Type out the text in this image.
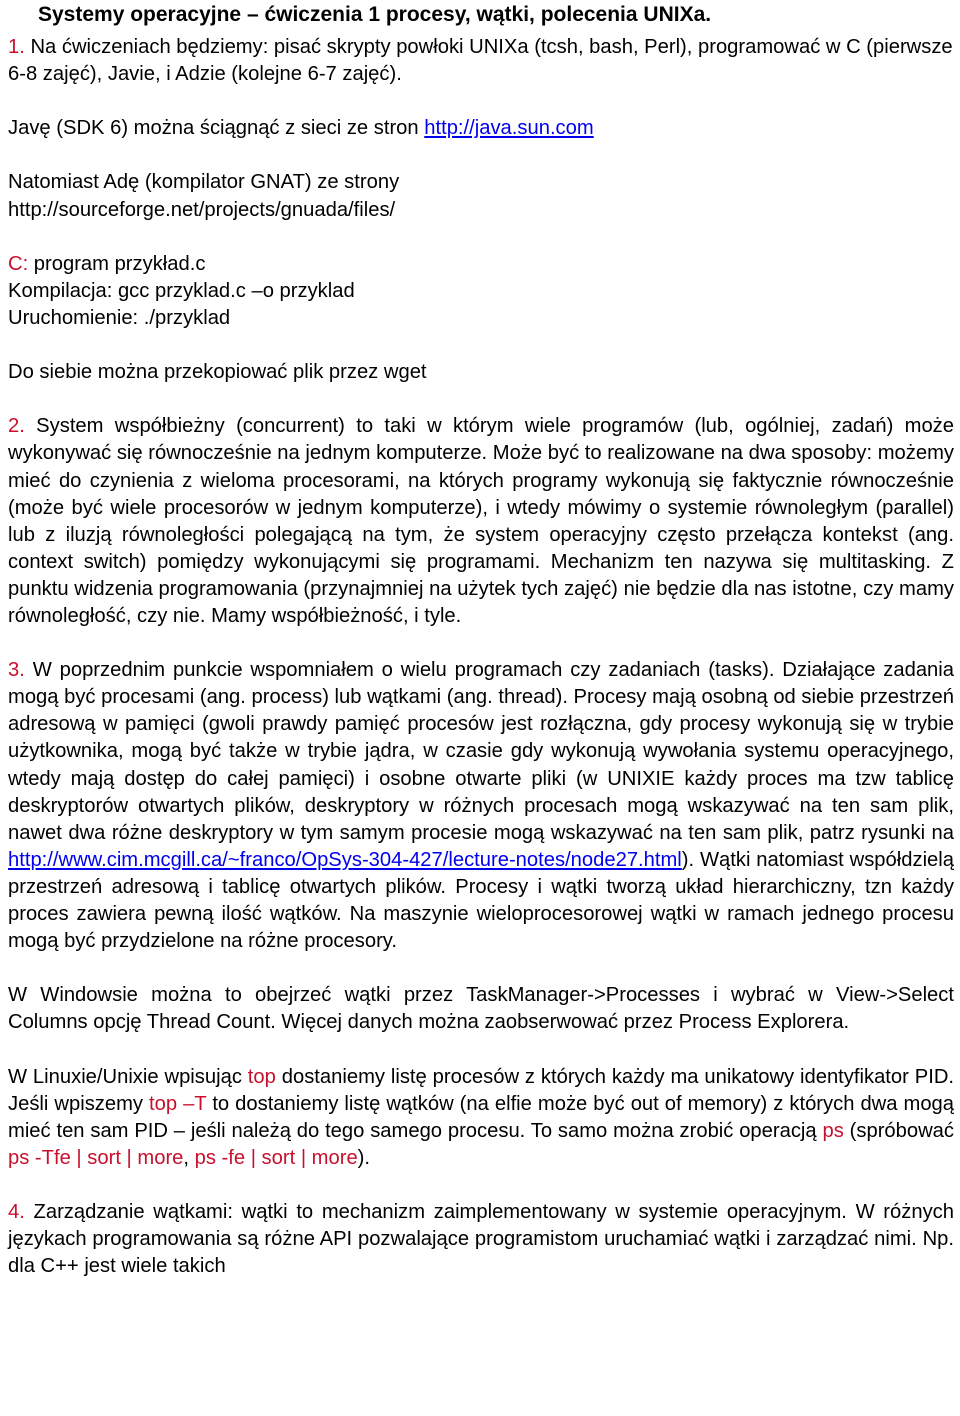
Systemy operacyjne – ćwiczenia 1 procesy, wątki, polecenia UNIXa.

1. Na ćwiczeniach będziemy: pisać skrypty powłoki UNIXa (tcsh, bash, Perl), programować w C (pierwsze 6-8 zajęć), Javie, i Adzie (kolejne 6-7 zajęć).

Javę (SDK 6) można ściągnąć z sieci ze stron http://java.sun.com

Natomiast Adę (kompilator GNAT) ze strony

http://sourceforge.net/projects/gnuada/files/

C: program przykład.c

Kompilacja: gcc przyklad.c –o przyklad

Uruchomienie: ./przyklad

Do siebie można przekopiować plik przez wget

2. System współbieżny (concurrent) to taki w którym wiele programów (lub, ogólniej, zadań) może wykonywać się równocześnie na jednym komputerze. Może być to realizowane na dwa sposoby: możemy mieć do czynienia z wieloma procesorami, na których programy wykonują się faktycznie równocześnie (może być wiele procesorów w jednym komputerze), i wtedy mówimy o systemie równoległym (parallel) lub z iluzją równoległości polegającą na tym, że system operacyjny często przełącza kontekst (ang. context switch) pomiędzy wykonującymi się programami. Mechanizm ten nazywa się multitasking. Z punktu widzenia programowania (przynajmniej na użytek tych zajęć) nie będzie dla nas istotne, czy mamy równoległość, czy nie. Mamy współbieżność, i tyle.

3. W poprzednim punkcie wspomniałem o wielu programach czy zadaniach (tasks). Działające zadania mogą być procesami (ang. process) lub wątkami (ang. thread). Procesy mają osobną od siebie przestrzeń adresową w pamięci (gwoli prawdy pamięć procesów jest rozłączna, gdy procesy wykonują się w trybie użytkownika, mogą być także w trybie jądra, w czasie gdy wykonują wywołania systemu operacyjnego, wtedy mają dostęp do całej pamięci) i osobne otwarte pliki (w UNIXIE każdy proces ma tzw tablicę deskryptorów otwartych plików, deskryptory w różnych procesach mogą wskazywać na ten sam plik, nawet dwa różne deskryptory w tym samym procesie mogą wskazywać na ten sam plik, patrz rysunki na http://www.cim.mcgill.ca/~franco/OpSys-304-427/lecture-notes/node27.html). Wątki natomiast współdzielą przestrzeń adresową i tablicę otwartych plików. Procesy i wątki tworzą układ hierarchiczny, tzn każdy proces zawiera pewną ilość wątków. Na maszynie wieloprocesorowej wątki w ramach jednego procesu mogą być przydzielone na różne procesory.

W Windowsie można to obejrzeć wątki przez TaskManager->Processes i wybrać w View->Select Columns opcję Thread Count. Więcej danych można zaobserwować przez Process Explorera.

W Linuxie/Unixie wpisując top dostaniemy listę procesów z których każdy ma unikatowy identyfikator PID. Jeśli wpiszemy top –T to dostaniemy listę wątków (na elfie może być out of memory) z których dwa mogą mieć ten sam PID – jeśli należą do tego samego procesu. To samo można zrobić operacją ps (spróbować ps -Tfe | sort | more, ps -fe | sort | more).

4. Zarządzanie wątkami: wątki to mechanizm zaimplementowany w systemie operacyjnym. W różnych językach programowania są różne API pozwalające programistom uruchamiać wątki i zarządzać nimi. Np. dla C++ jest wiele takich
